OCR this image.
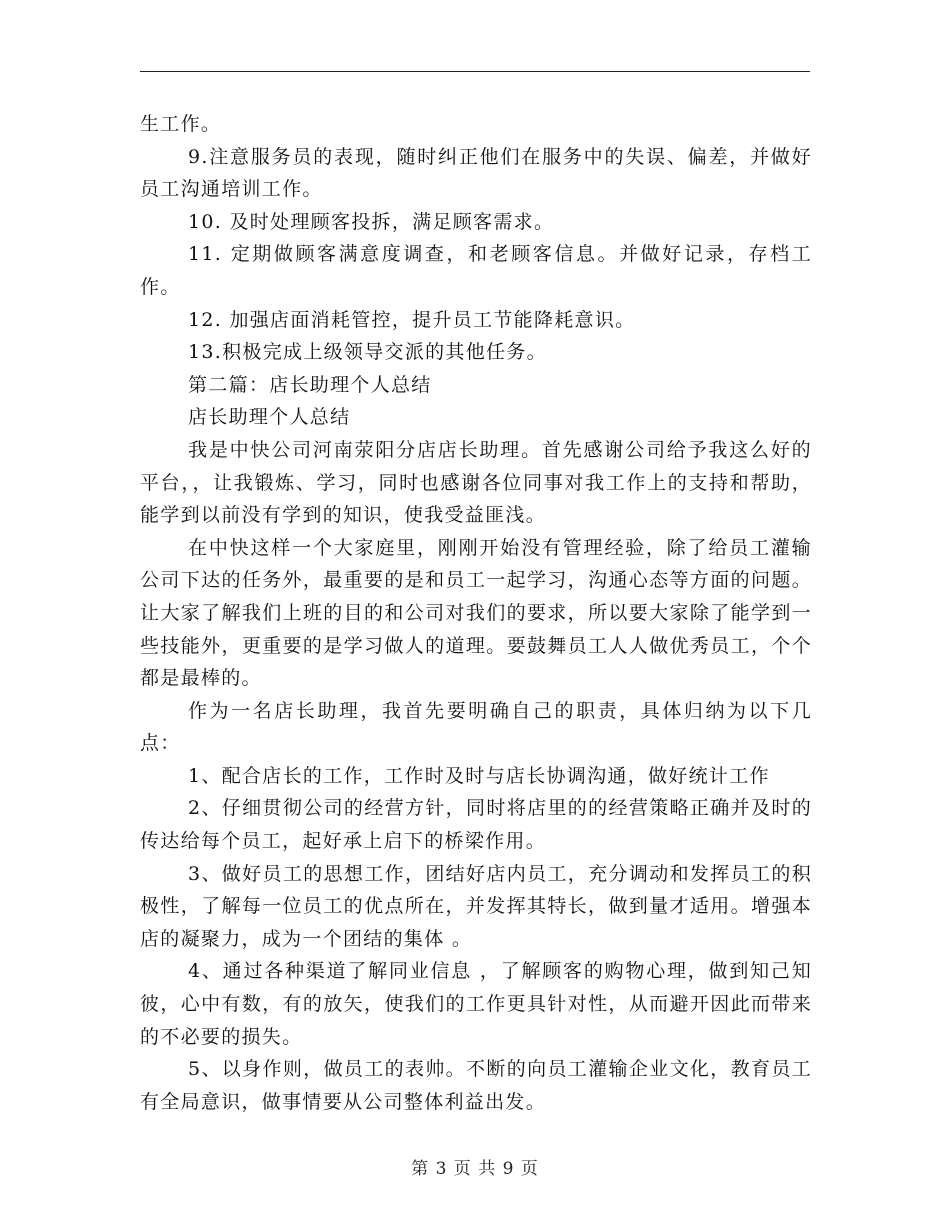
生工作。

9.注意服务员的表现，随时纠正他们在服务中的失误、偏差，并做好员工沟通培训工作。

10. 及时处理顾客投拆，满足顾客需求。

11. 定期做顾客满意度调查，和老顾客信息。并做好记录，存档工作。

12. 加强店面消耗管控，提升员工节能降耗意识。

13.积极完成上级领导交派的其他任务。

第二篇：店长助理个人总结

店长助理个人总结

我是中快公司河南荥阳分店店长助理。首先感谢公司给予我这么好的平台，，让我锻炼、学习，同时也感谢各位同事对我工作上的支持和帮助，能学到以前没有学到的知识，使我受益匪浅。

在中快这样一个大家庭里，刚刚开始没有管理经验，除了给员工灌输公司下达的任务外，最重要的是和员工一起学习，沟通心态等方面的问题。让大家了解我们上班的目的和公司对我们的要求，所以要大家除了能学到一些技能外，更重要的是学习做人的道理。要鼓舞员工人人做优秀员工，个个都是最棒的。

作为一名店长助理，我首先要明确自己的职责，具体归纳为以下几点：

1、配合店长的工作，工作时及时与店长协调沟通，做好统计工作

2、仔细贯彻公司的经营方针，同时将店里的的经营策略正确并及时的传达给每个员工，起好承上启下的桥梁作用。

3、做好员工的思想工作，团结好店内员工，充分调动和发挥员工的积极性，了解每一位员工的优点所在，并发挥其特长，做到量才适用。增强本店的凝聚力，成为一个团结的集体 。

4、通过各种渠道了解同业信息 ，了解顾客的购物心理，做到知己知彼，心中有数，有的放矢，使我们的工作更具针对性，从而避开因此而带来的不必要的损失。

5、以身作则，做员工的表帅。不断的向员工灌输企业文化，教育员工有全局意识，做事情要从公司整体利益出发。

第 3 页 共 9 页
